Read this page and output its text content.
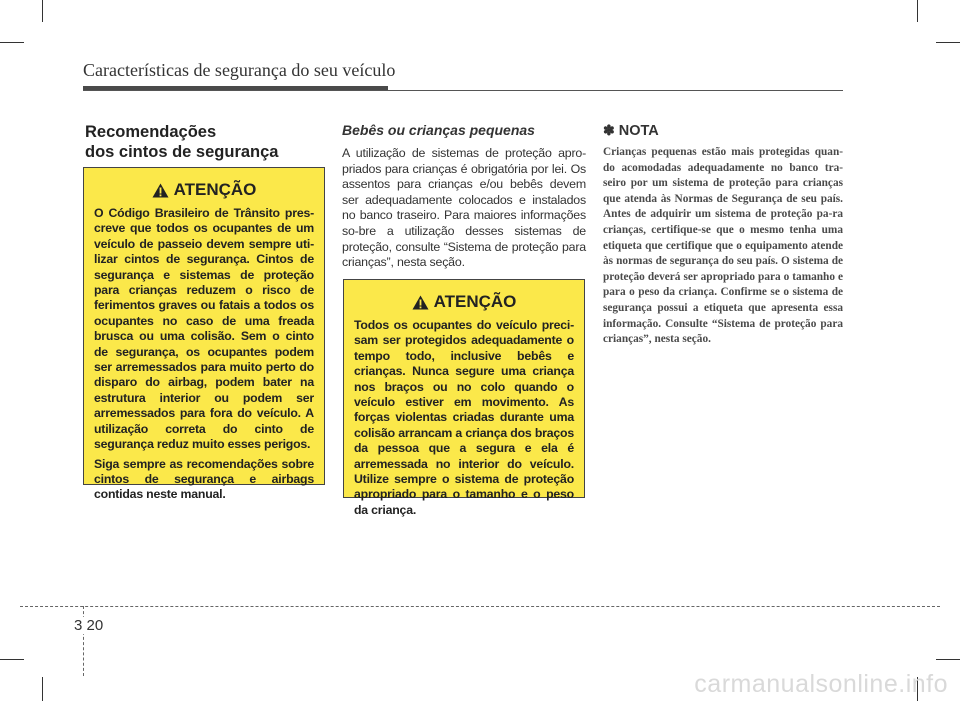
Características de segurança do seu veículo
Recomendações
dos cintos de segurança
ATENÇÃO

O Código Brasileiro de Trânsito pres-creve que todos os ocupantes de um veículo de passeio devem sempre uti-lizar cintos de segurança. Cintos de segurança e sistemas de proteção para crianças reduzem o risco de ferimentos graves ou fatais a todos os ocupantes no caso de uma freada brusca ou uma colisão. Sem o cinto de segurança, os ocupantes podem ser arremessados para muito perto do disparo do airbag, podem bater na estrutura interior ou podem ser arremessados para fora do veículo. A utilização correta do cinto de segurança reduz muito esses perigos.

Siga sempre as recomendações sobre cintos de segurança e airbags contidas neste manual.

Bebês ou crianças pequenas

A utilização de sistemas de proteção apro-priados para crianças é obrigatória por lei. Os assentos para crianças e/ou bebês devem ser adequadamente colocados e instalados no banco traseiro. Para maiores informações so-bre a utilização desses sistemas de proteção, consulte “Sistema de proteção para crianças”, nesta seção.

ATENÇÃO

Todos os ocupantes do veículo preci-sam ser protegidos adequadamente o tempo todo, inclusive bebês e crianças. Nunca segure uma criança nos braços ou no colo quando o veículo estiver em movimento. As forças violentas criadas durante uma colisão arrancam a criança dos braços da pessoa que a segura e ela é arremessada no interior do veículo. Utilize sempre o sistema de proteção apropriado para o tamanho e o peso da criança.

✽ NOTA

Crianças pequenas estão mais protegidas quan-do acomodadas adequadamente no banco tra-seiro por um sistema de proteção para crianças que atenda às Normas de Segurança de seu país. Antes de adquirir um sistema de proteção pa-ra crianças, certifique-se que o mesmo tenha uma etiqueta que certifique que o equipamento atende às normas de segurança do seu país. O sistema de proteção deverá ser apropriado para o tamanho e para o peso da criança. Confirme se o sistema de segurança possui a etiqueta que apresenta essa informação. Consulte “Sistema de proteção para crianças”, nesta seção.

3 20
carmanualsonline.info
